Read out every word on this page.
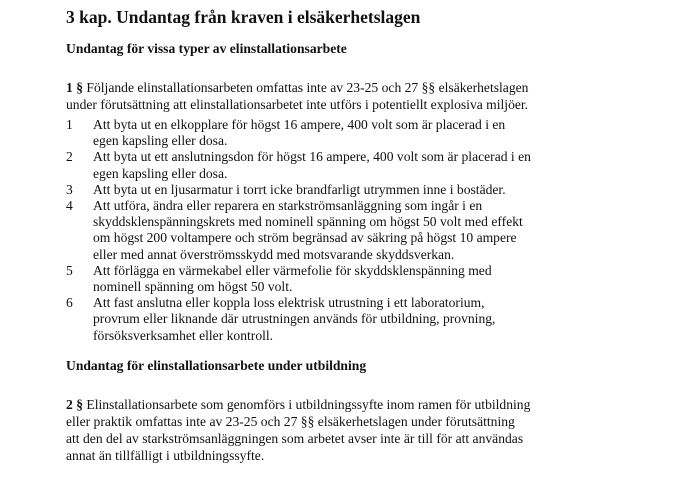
3 kap. Undantag från kraven i elsäkerhetslagen
Undantag för vissa typer av elinstallationsarbete
1 § Följande elinstallationsarbeten omfattas inte av 23-25 och 27 §§ elsäkerhetslagen
under förutsättning att elinstallationsarbetet inte utförs i potentiellt explosiva miljöer.
1 Att byta ut en elkopplare för högst 16 ampere, 400 volt som är placerad i en
egen kapsling eller dosa.
2 Att byta ut ett anslutningsdon för högst 16 ampere, 400 volt som är placerad i en
egen kapsling eller dosa.
3 Att byta ut en ljusarmatur i torrt icke brandfarligt utrymmen inne i bostäder.
4 Att utföra, ändra eller reparera en starkströmsanläggning som ingår i en
skyddsklenspänningskrets med nominell spänning om högst 50 volt med effekt
om högst 200 voltampere och ström begränsad av säkring på högst 10 ampere
eller med annat överströmsskydd med motsvarande skyddsverkan.
5 Att förlägga en värmekabel eller värmefolie för skyddsklenspänning med
nominell spänning om högst 50 volt.
6 Att fast anslutna eller koppla loss elektrisk utrustning i ett laboratorium,
provrum eller liknande där utrustningen används för utbildning, provning,
försöksverksamhet eller kontroll.
Undantag för elinstallationsarbete under utbildning
2 § Elinstallationsarbete som genomförs i utbildningssyfte inom ramen för utbildning
eller praktik omfattas inte av 23-25 och 27 §§ elsäkerhetslagen under förutsättning
att den del av starkströmsanläggningen som arbetet avser inte är till för att användas
annat än tillfälligt i utbildningssyfte.
